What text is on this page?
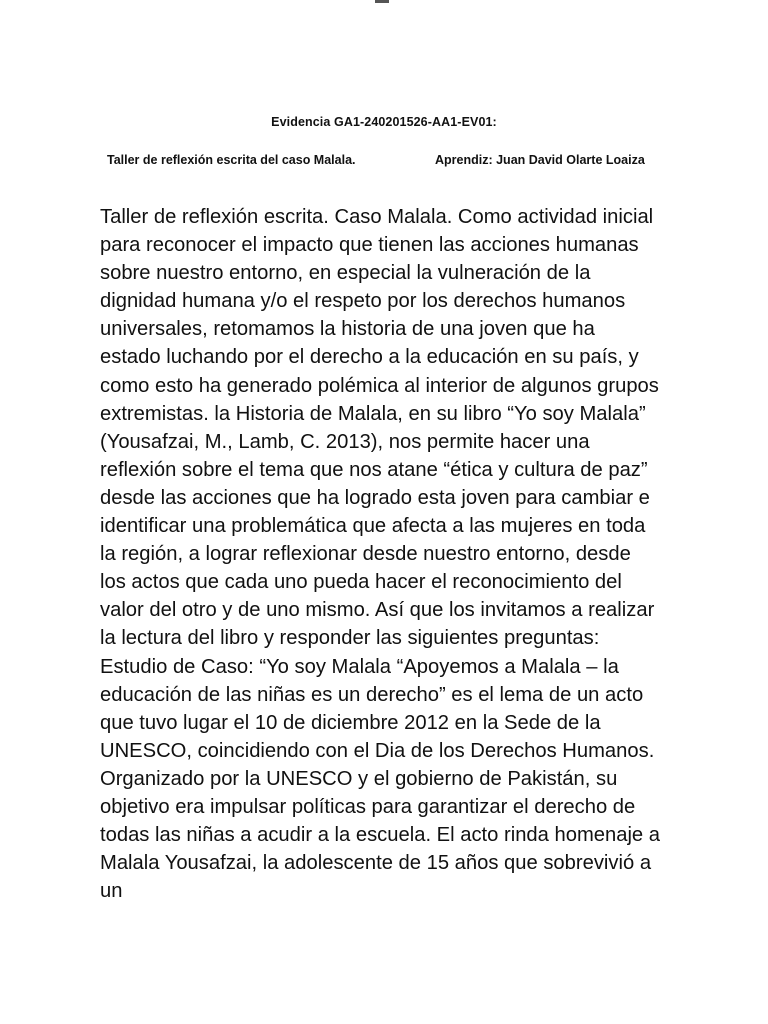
Evidencia GA1-240201526-AA1-EV01:
Taller de reflexión escrita del caso Malala.	Aprendiz: Juan David Olarte Loaiza

Taller de reflexión escrita. Caso Malala. Como actividad inicial para reconocer el impacto que tienen las acciones humanas sobre nuestro entorno, en especial la vulneración de la dignidad humana y/o el respeto por los derechos humanos universales, retomamos la historia de una joven que ha estado luchando por el derecho a la educación en su país, y como esto ha generado polémica al interior de algunos grupos extremistas. la Historia de Malala, en su libro “Yo soy Malala” (Yousafzai, M., Lamb, C. 2013), nos permite hacer una reflexión sobre el tema que nos atane “ética y cultura de paz” desde las acciones que ha logrado esta joven para cambiar e identificar una problemática que afecta a las mujeres en toda la región, a lograr reflexionar desde nuestro entorno, desde los actos que cada uno pueda hacer el reconocimiento del valor del otro y de uno mismo. Así que los invitamos a realizar la lectura del libro y responder las siguientes preguntas: Estudio de Caso: “Yo soy Malala “Apoyemos a Malala – la educación de las niñas es un derecho” es el lema de un acto que tuvo lugar el 10 de diciembre 2012 en la Sede de la UNESCO, coincidiendo con el Dia de los Derechos Humanos. Organizado por la UNESCO y el gobierno de Pakistán, su objetivo era impulsar políticas para garantizar el derecho de todas las niñas a acudir a la escuela. El acto rinda homenaje a Malala Yousafzai, la adolescente de 15 años que sobrevivió a un
